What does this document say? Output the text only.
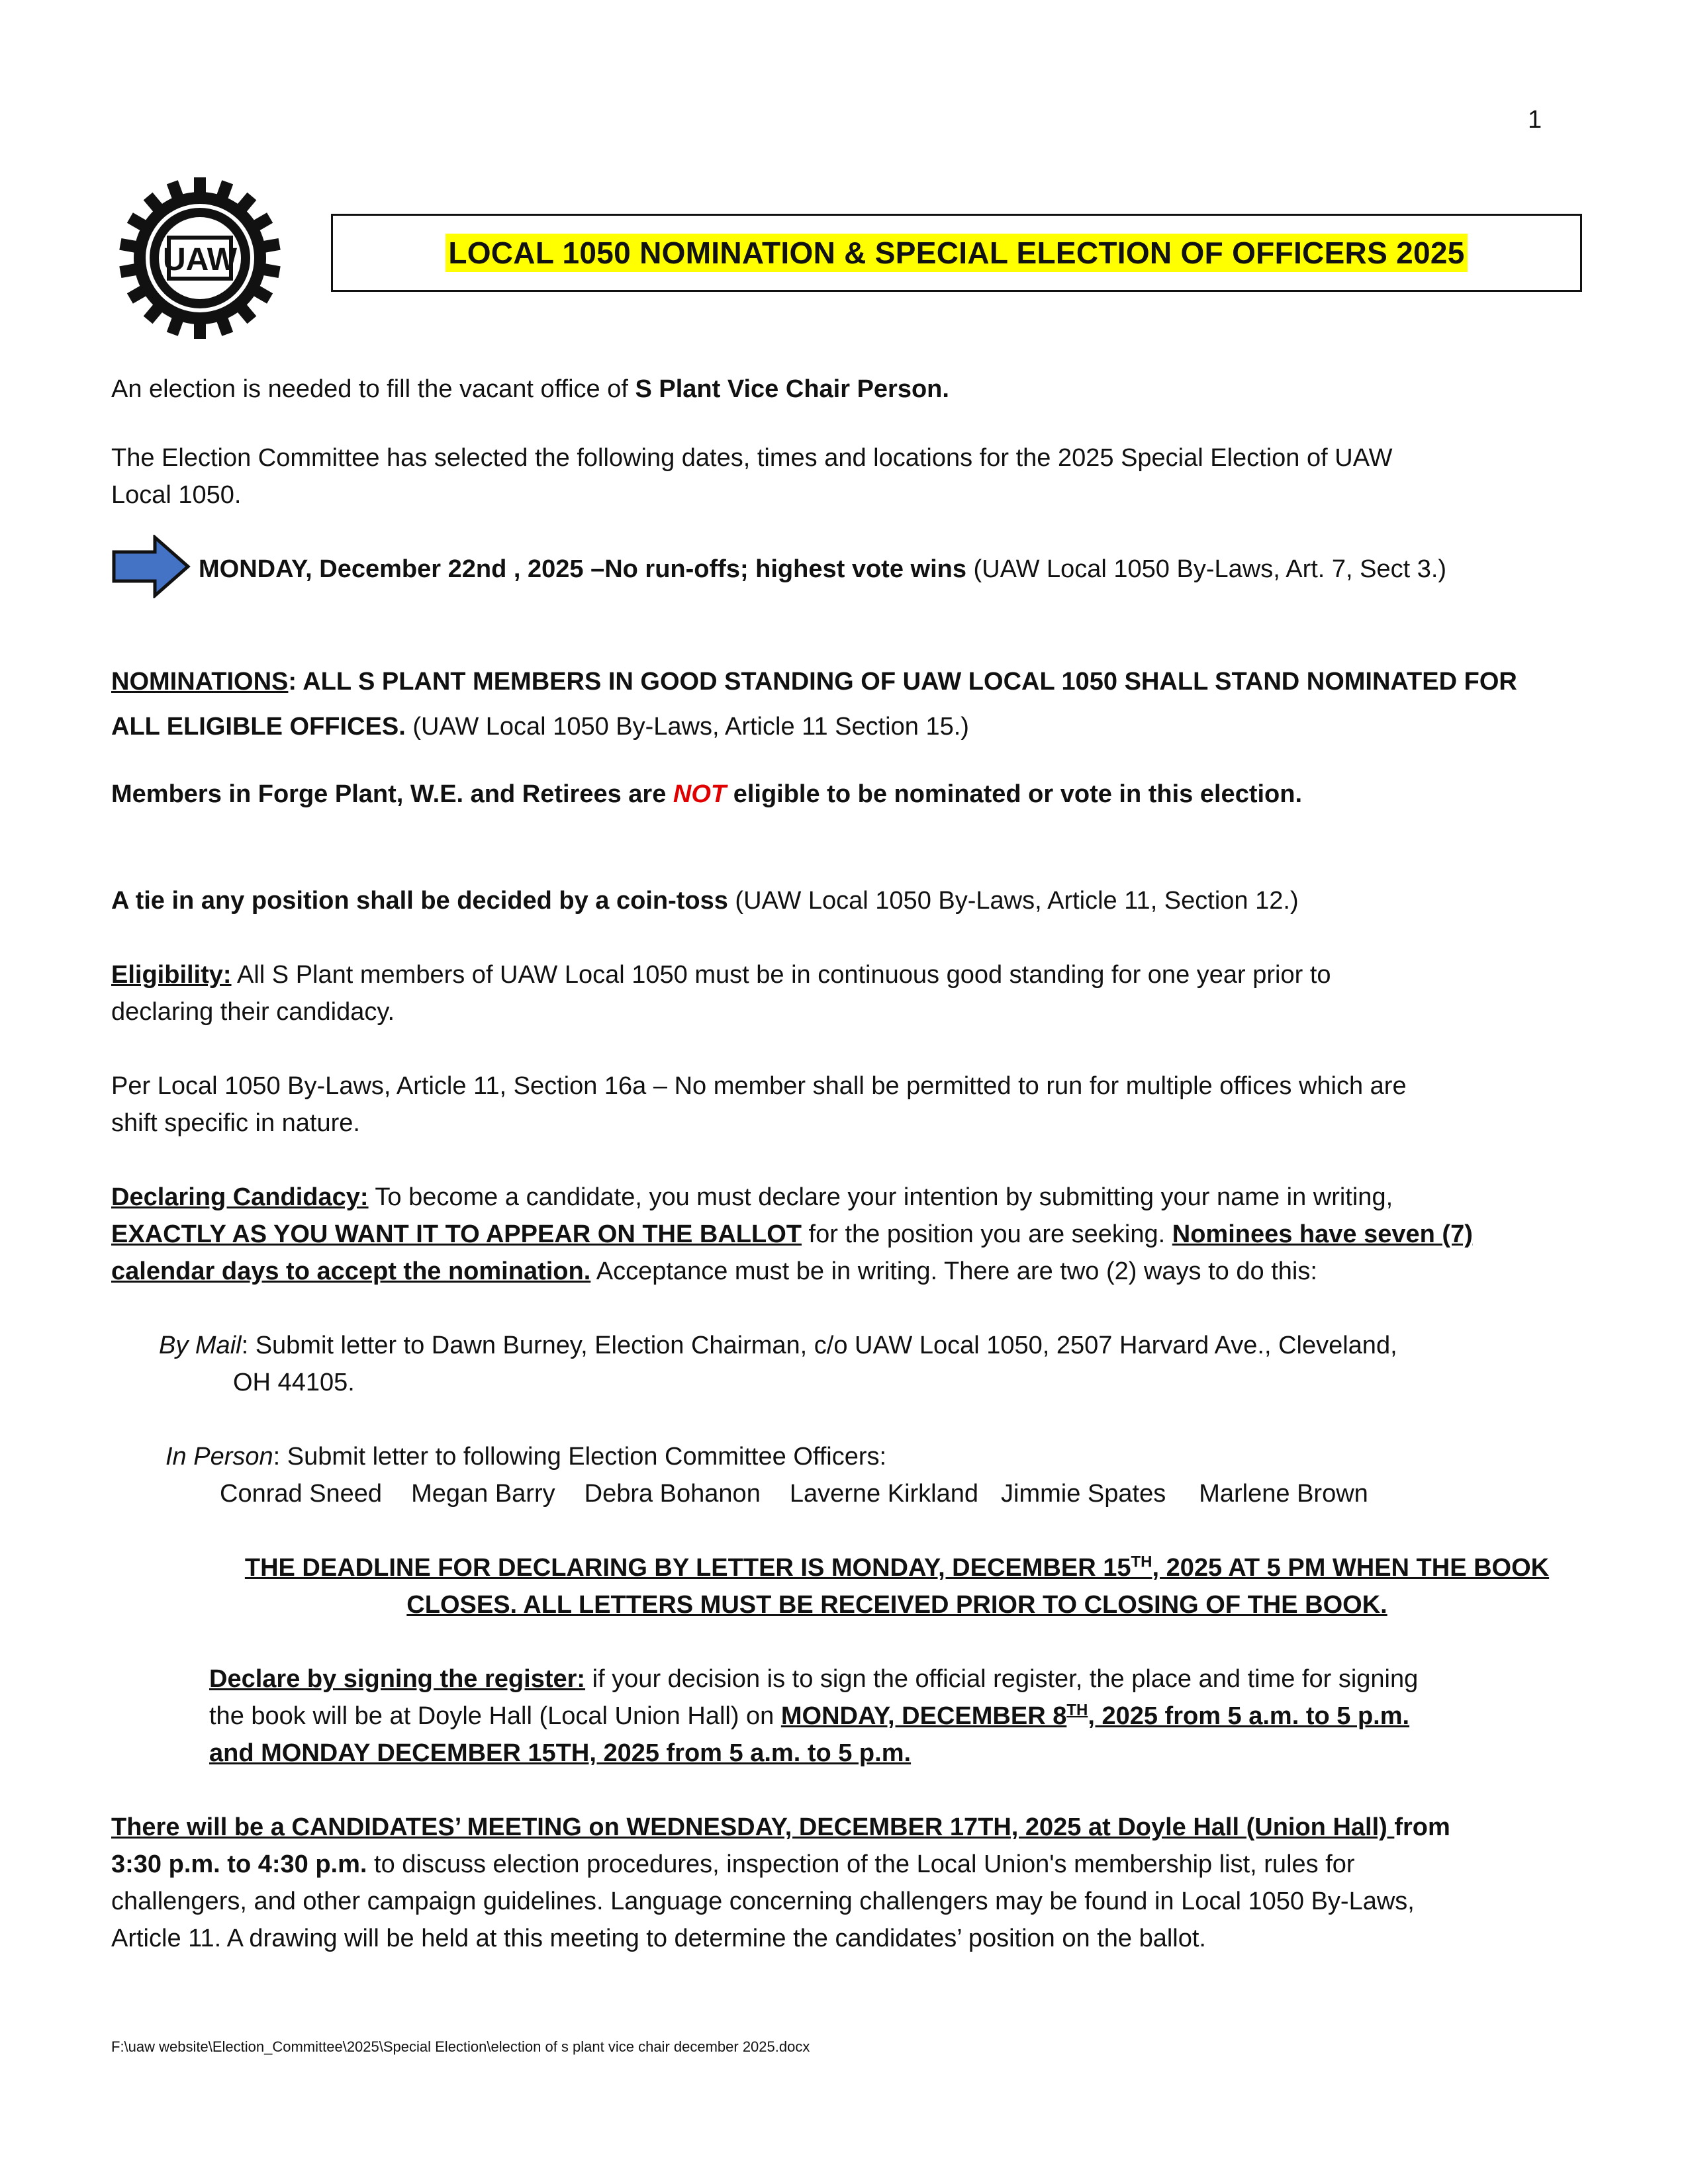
1
UAW	LOCAL 1050 NOMINATION & SPECIAL ELECTION OF OFFICERS 2025
An election is needed to fill the vacant office of S Plant Vice Chair Person.
The Election Committee has selected the following dates, times and locations for the 2025 Special Election of UAW
Local 1050.
MONDAY, December 22nd , 2025 –No run-offs; highest vote wins (UAW Local 1050 By-Laws, Art. 7, Sect 3.)
NOMINATIONS: ALL S PLANT MEMBERS IN GOOD STANDING OF UAW LOCAL 1050 SHALL STAND NOMINATED FOR
ALL ELIGIBLE OFFICES. (UAW Local 1050 By-Laws, Article 11 Section 15.)
Members in Forge Plant, W.E. and Retirees are NOT eligible to be nominated or vote in this election.
A tie in any position shall be decided by a coin-toss (UAW Local 1050 By-Laws, Article 11, Section 12.)
Eligibility: All S Plant members of UAW Local 1050 must be in continuous good standing for one year prior to
declaring their candidacy.
Per Local 1050 By-Laws, Article 11, Section 16a – No member shall be permitted to run for multiple offices which are
shift specific in nature.
Declaring Candidacy: To become a candidate, you must declare your intention by submitting your name in writing,
EXACTLY AS YOU WANT IT TO APPEAR ON THE BALLOT for the position you are seeking. Nominees have seven (7)
calendar days to accept the nomination. Acceptance must be in writing. There are two (2) ways to do this:
By Mail: Submit letter to Dawn Burney, Election Chairman, c/o UAW Local 1050, 2507 Harvard Ave., Cleveland,
OH 44105.
In Person: Submit letter to following Election Committee Officers:
Conrad Sneed Megan Barry Debra Bohanon Laverne Kirkland Jimmie Spates Marlene Brown
THE DEADLINE FOR DECLARING BY LETTER IS MONDAY, DECEMBER 15TH, 2025 AT 5 PM WHEN THE BOOK
CLOSES. ALL LETTERS MUST BE RECEIVED PRIOR TO CLOSING OF THE BOOK.
Declare by signing the register: if your decision is to sign the official register, the place and time for signing
the book will be at Doyle Hall (Local Union Hall) on MONDAY, DECEMBER 8TH, 2025 from 5 a.m. to 5 p.m.
and MONDAY DECEMBER 15TH, 2025 from 5 a.m. to 5 p.m.
There will be a CANDIDATES’ MEETING on WEDNESDAY, DECEMBER 17TH, 2025 at Doyle Hall (Union Hall) from
3:30 p.m. to 4:30 p.m. to discuss election procedures, inspection of the Local Union's membership list, rules for
challengers, and other campaign guidelines. Language concerning challengers may be found in Local 1050 By-Laws,
Article 11. A drawing will be held at this meeting to determine the candidates’ position on the ballot.
F:\uaw website\Election_Committee\2025\Special Election\election of s plant vice chair december 2025.docx
